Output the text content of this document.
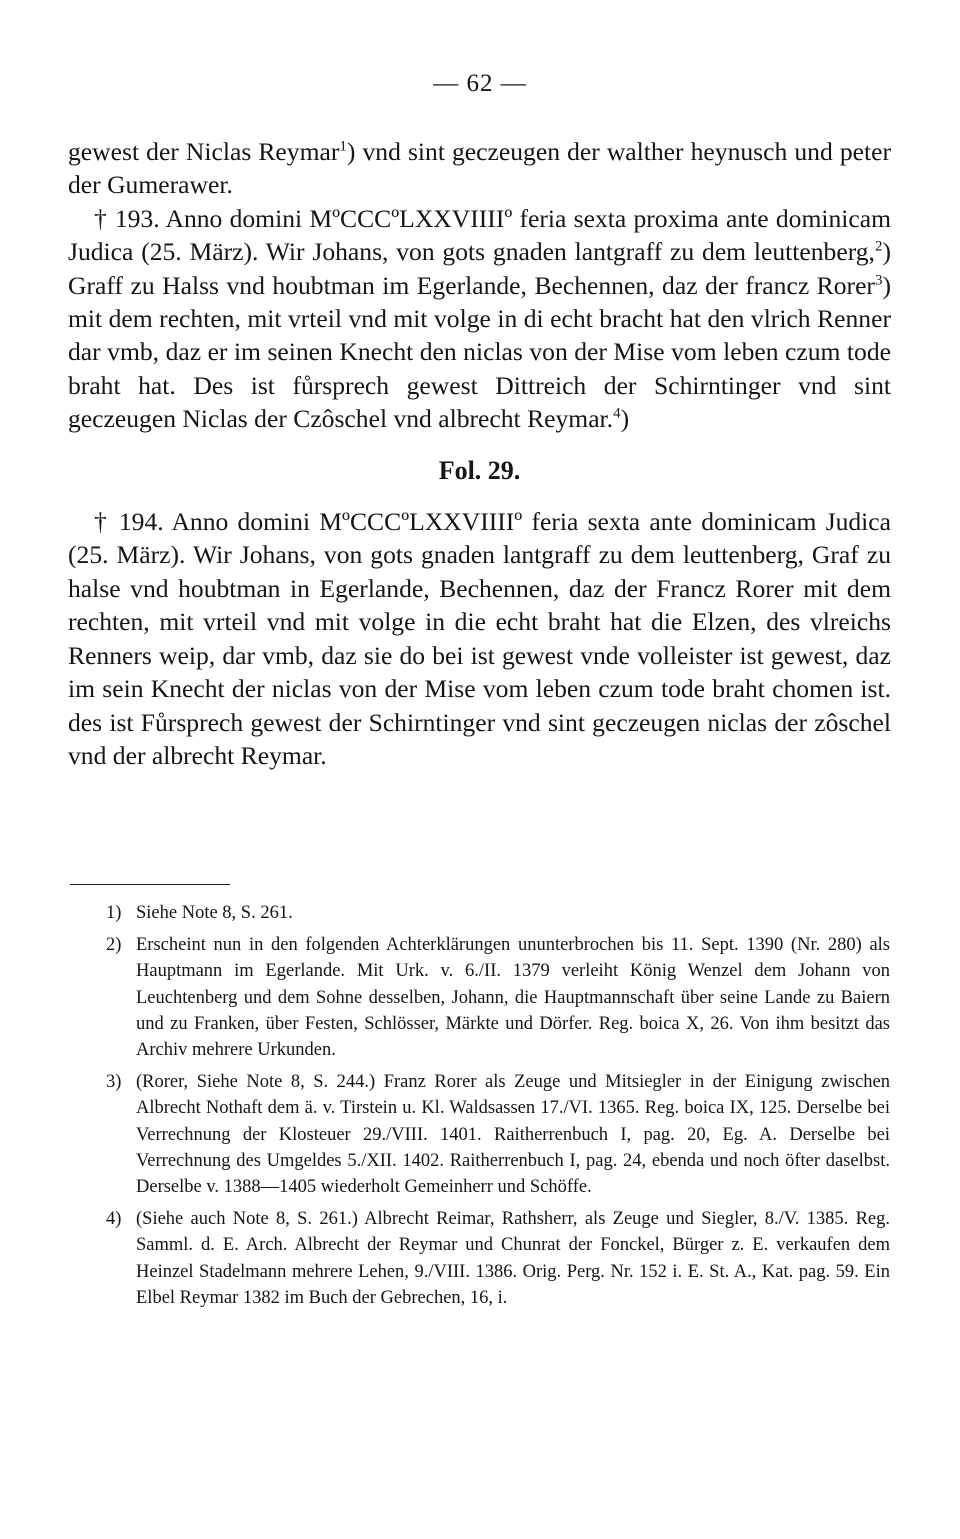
— 62 —

gewest der Niclas Reymar$^1$) vnd sint geczeugen der walther heynusch und peter der Gumerawer.

† 193. Anno domini MºCCCºLXXVIIIIº feria sexta proxima ante dominicam Judica (25. März). Wir Johans, von gots gnaden lantgraff zu dem leuttenberg,$^2$) Graff zu Halss vnd houbtman im Egerlande, Bechennen, daz der francz Rorer$^3$) mit dem rechten, mit vrteil vnd mit volge in di echt bracht hat den vlrich Renner dar vmb, daz er im seinen Knecht den niclas von der Mise vom leben czum tode braht hat. Des ist fůrsprech gewest Dittreich der Schirntinger vnd sint geczeugen Niclas der Czôschel vnd albrecht Reymar.$^4$)

Fol. 29.

† 194. Anno domini MºCCCºLXXVIIIIº feria sexta ante dominicam Judica (25. März). Wir Johans, von gots gnaden lantgraff zu dem leuttenberg, Graf zu halse vnd houbtman in Egerlande, Bechennen, daz der Francz Rorer mit dem rechten, mit vrteil vnd mit volge in die echt braht hat die Elzen, des vlreichs Renners weip, dar vmb, daz sie do bei ist gewest vnde volleister ist gewest, daz im sein Knecht der niclas von der Mise vom leben czum tode braht chomen ist. des ist Fůrsprech gewest der Schirntinger vnd sint geczeugen niclas der zôschel vnd der albrecht Reymar.

1) Siehe Note 8, S. 261.

2) Erscheint nun in den folgenden Achterklärungen ununterbrochen bis 11. Sept. 1390 (Nr. 280) als Hauptmann im Egerlande. Mit Urk. v. 6./II. 1379 verleiht König Wenzel dem Johann von Leuchtenberg und dem Sohne desselben, Johann, die Hauptmannschaft über seine Lande zu Baiern und zu Franken, über Festen, Schlösser, Märkte und Dörfer. Reg. boica X, 26. Von ihm besitzt das Archiv mehrere Urkunden.

3) (Rorer, Siehe Note 8, S. 244.) Franz Rorer als Zeuge und Mitsiegler in der Einigung zwischen Albrecht Nothaft dem ä. v. Tirstein u. Kl. Waldsassen 17./VI. 1365. Reg. boica IX, 125. Derselbe bei Verrechnung der Klosteuer 29./VIII. 1401. Raitherrenbuch I, pag. 20, Eg. A. Derselbe bei Verrechnung des Umgeldes 5./XII. 1402. Raitherrenbuch I, pag. 24, ebenda und noch öfter daselbst. Derselbe v. 1388—1405 wiederholt Gemeinherr und Schöffe.

4) (Siehe auch Note 8, S. 261.) Albrecht Reimar, Rathsherr, als Zeuge und Siegler, 8./V. 1385. Reg. Samml. d. E. Arch. Albrecht der Reymar und Chunrat der Fonckel, Bürger z. E. verkaufen dem Heinzel Stadelmann mehrere Lehen, 9./VIII. 1386. Orig. Perg. Nr. 152 i. E. St. A., Kat. pag. 59. Ein Elbel Reymar 1382 im Buch der Gebrechen, 16, i.
